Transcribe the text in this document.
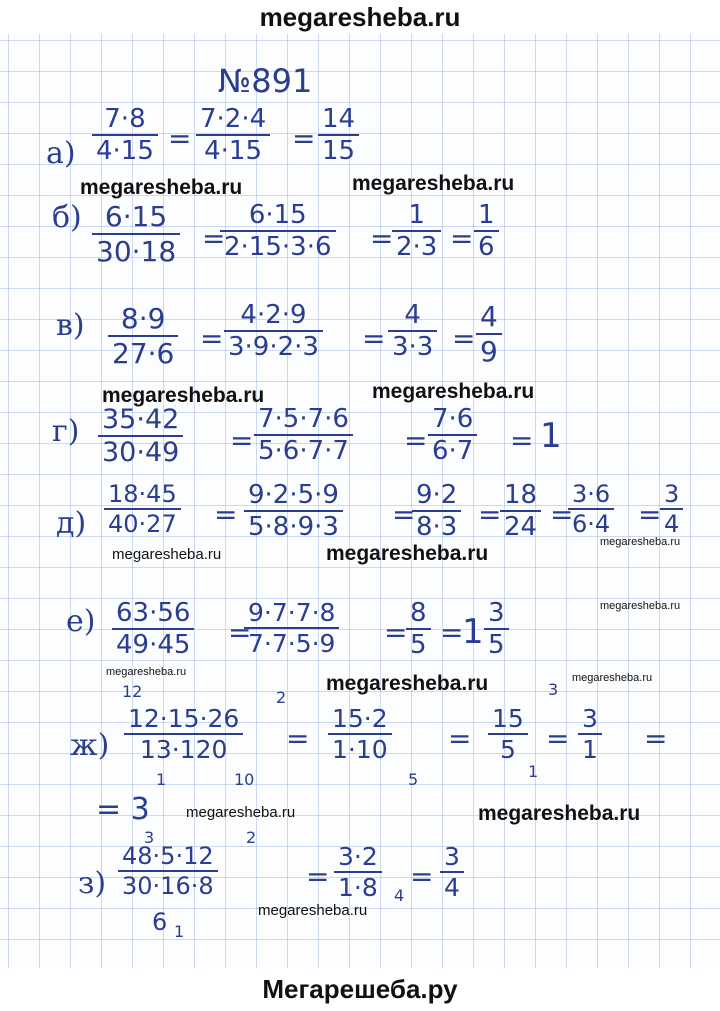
megaresheba.ru
№891
$а) \frac{7\cdot 8}{4\cdot 15} = \frac{7\cdot 2\cdot 4}{4\cdot 15} = \frac{14}{15}$
megaresheba.ru	megaresheba.ru
$б) \frac{6\cdot 15}{30\cdot 18}$ =
$\frac{6\cdot 15}{2\cdot 15\cdot 3\cdot 6}$ =
$\frac{1}{2\cdot 3} = \frac{1}{6}$
$в) \frac{8\cdot 9}{27\cdot 6} = \frac{4\cdot 2\cdot 9}{3\cdot 9\cdot 2\cdot 3} = \frac{4}{3\cdot 3} = \frac{4}{9}$
megaresheba.ru	megaresheba.ru
$г) \frac{35\cdot 42}{30\cdot 49} = \frac{7\cdot 5\cdot 7\cdot 6}{5\cdot 6\cdot 7\cdot 7} = \frac{7\cdot 6}{6\cdot 7} = 1$
$д) \frac{18\cdot 45}{40\cdot 27} = \frac{9\cdot 2\cdot 5\cdot 9}{5\cdot 8\cdot 9\cdot 3}$ =
$\frac{9\cdot 2}{8\cdot 3}$ =
$\frac{18}{24}$ =
$\frac{3\cdot 6}{6\cdot 4}$ =
$\frac{3}{4}$
megaresheba.ru	megaresheba.ru	megaresheba.ru
$е) \frac{63\cdot 56}{49\cdot 45}$ =
$\frac{9\cdot 7\cdot 7\cdot 8}{7\cdot 7\cdot 5\cdot 9}$ =
$\frac{8}{5}$ =
$1 \frac{3}{5}$	megaresheba.ru
megaresheba.ru	megaresheba.ru	megaresheba.ru
12	2
$ж) \frac{12\cdot 15\cdot 26}{13\cdot 120}$
1	10
= $\frac{15\cdot 2}{1\cdot 10}$
5
=
3
$\frac{15}{5}$
1
= $\frac{3}{1}$ =
= 3 megaresheba.ru	megaresheba.ru
3	2
$з) \frac{48\cdot 5\cdot 12}{30\cdot 16\cdot 8}$
6 1
= $\frac{3\cdot 2}{1\cdot 8} 4$
= $\frac{3}{4}$
megaresheba.ru
Мегарешеба.ру
